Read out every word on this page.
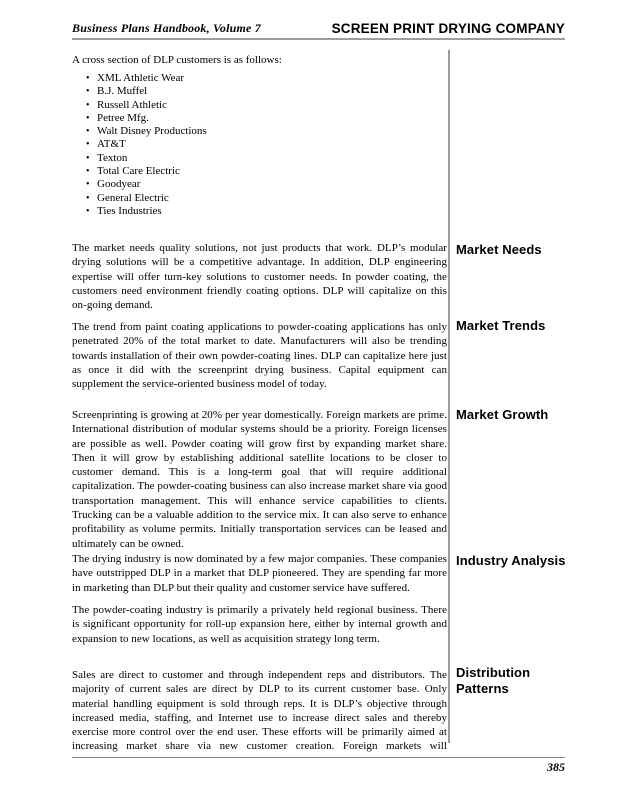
Business Plans Handbook, Volume 7	SCREEN PRINT DRYING COMPANY

A cross section of DLP customers is as follows:

• XML Athletic Wear
• B.J. Muffel
• Russell Athletic
• Petree Mfg.
• Walt Disney Productions
• AT&T
• Texton
• Total Care Electric
• Goodyear
• General Electric
• Ties Industries

The market needs quality solutions, not just products that work. DLP’s modular drying solutions will be a competitive advantage. In addition, DLP engineering expertise will offer turn-key solutions to customer needs. In powder coating, the customers need environment friendly coating options. DLP will capitalize on this on-going demand.

The trend from paint coating applications to powder-coating applications has only penetrated 20% of the total market to date. Manufacturers will also be trending towards installation of their own powder-coating lines. DLP can capitalize here just as once it did with the screenprint drying business. Capital equipment can supplement the service-oriented business model of today.

Screenprinting is growing at 20% per year domestically. Foreign markets are prime. International distribution of modular systems should be a priority. Foreign licenses are possible as well. Powder coating will grow first by expanding market share. Then it will grow by establishing additional satellite locations to be closer to customer demand. This is a long-term goal that will require additional capitalization. The powder-coating business can also increase market share via good transportation management. This will enhance service capabilities to clients. Trucking can be a valuable addition to the service mix. It can also serve to enhance profitability as volume permits. Initially transportation services can be leased and ultimately can be owned.

The drying industry is now dominated by a few major companies. These companies have outstripped DLP in a market that DLP pioneered. They are spending far more in marketing than DLP but their quality and customer service have suffered.

The powder-coating industry is primarily a privately held regional business. There is significant opportunity for roll-up expansion here, either by internal growth and expansion to new locations, as well as acquisition strategy long term.

Sales are direct to customer and through independent reps and distributors. The majority of current sales are direct by DLP to its current customer base. Only material handling equipment is sold through reps. It is DLP’s objective through increased media, staffing, and Internet use to increase direct sales and thereby exercise more control over the end user. These efforts will be primarily aimed at increasing market share via new customer creation. Foreign markets will

Market Needs
Market Trends
Market Growth
Industry Analysis
Distribution Patterns
385
